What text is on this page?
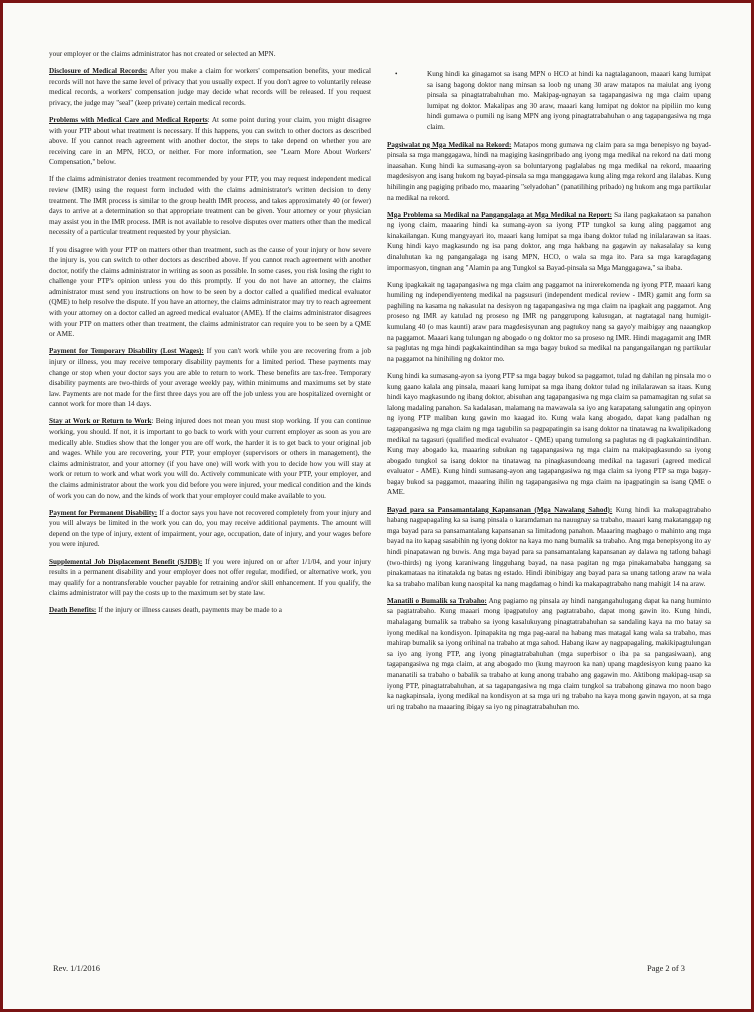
your employer or the claims administrator has not created or selected an MPN.

Disclosure of Medical Records: After you make a claim for workers' compensation benefits, your medical records will not have the same level of privacy that you usually expect. If you don't agree to voluntarily release medical records, a workers' compensation judge may decide what records will be released. If you request privacy, the judge may "seal" (keep private) certain medical records.

Problems with Medical Care and Medical Reports: At some point during your claim, you might disagree with your PTP about what treatment is necessary. If this happens, you can switch to other doctors as described above. If you cannot reach agreement with another doctor, the steps to take depend on whether you are receiving care in an MPN, HCO, or neither. For more information, see "Learn More About Workers' Compensation," below.

If the claims administrator denies treatment recommended by your PTP, you may request independent medical review (IMR) using the request form included with the claims administrator's written decision to deny treatment. The IMR process is similar to the group health IMR process, and takes approximately 40 (or fewer) days to arrive at a determination so that appropriate treatment can be given. Your attorney or your physician may assist you in the IMR process. IMR is not available to resolve disputes over matters other than the medical necessity of a particular treatment requested by your physician.

If you disagree with your PTP on matters other than treatment, such as the cause of your injury or how severe the injury is, you can switch to other doctors as described above. If you cannot reach agreement with another doctor, notify the claims administrator in writing as soon as possible. In some cases, you risk losing the right to challenge your PTP's opinion unless you do this promptly. If you do not have an attorney, the claims administrator must send you instructions on how to be seen by a doctor called a qualified medical evaluator (QME) to help resolve the dispute. If you have an attorney, the claims administrator may try to reach agreement with your attorney on a doctor called an agreed medical evaluator (AME). If the claims administrator disagrees with your PTP on matters other than treatment, the claims administrator can require you to be seen by a QME or AME.

Payment for Temporary Disability (Lost Wages): If you can't work while you are recovering from a job injury or illness, you may receive temporary disability payments for a limited period. These payments may change or stop when your doctor says you are able to return to work. These benefits are tax-free. Temporary disability payments are two-thirds of your average weekly pay, within minimums and maximums set by state law. Payments are not made for the first three days you are off the job unless you are hospitalized overnight or cannot work for more than 14 days.

Stay at Work or Return to Work: Being injured does not mean you must stop working. If you can continue working, you should. If not, it is important to go back to work with your current employer as soon as you are medically able. Studies show that the longer you are off work, the harder it is to get back to your original job and wages. While you are recovering, your PTP, your employer (supervisors or others in management), the claims administrator, and your attorney (if you have one) will work with you to decide how you will stay at work or return to work and what work you will do. Actively communicate with your PTP, your employer, and the claims administrator about the work you did before you were injured, your medical condition and the kinds of work you can do now, and the kinds of work that your employer could make available to you.

Payment for Permanent Disability: If a doctor says you have not recovered completely from your injury and you will always be limited in the work you can do, you may receive additional payments. The amount will depend on the type of injury, extent of impairment, your age, occupation, date of injury, and your wages before you were injured.

Supplemental Job Displacement Benefit (SJDB): If you were injured on or after 1/1/04, and your injury results in a permanent disability and your employer does not offer regular, modified, or alternative work, you may qualify for a nontransferable voucher payable for retraining and/or skill enhancement. If you qualify, the claims administrator will pay the costs up to the maximum set by state law.

Death Benefits: If the injury or illness causes death, payments may be made to a

•	Kung hindi ka ginagamot sa isang MPN o HCO at hindi ka nagtalaganoon, maaari kang lumipat sa isang bagong doktor nang minsan sa loob ng unang 30 araw matapos na maiulat ang iyong pinsala sa pinagtatrabahuhan mo. Makipag-ugnayan sa tagapangasiwa ng mga claim upang lumipat ng doktor. Makalipas ang 30 araw, maaari kang lumipat ng doktor na pipiliin mo kung hindi gumawa o pumili ng isang MPN ang iyong pinagtatrabahuhan o ang tagapangasiwa ng mga claim.

Pagsiwalat ng Mga Medikal na Rekord: Matapos mong gumawa ng claim para sa mga benepisyo ng bayad-pinsala sa mga manggagawa, hindi na magiging kasingpribado ang iyong mga medikal na rekord na dati mong inaasahan. Kung hindi ka sumasang-ayon sa boluntaryong paglalabas ng mga medikal na rekord, maaaring magdesisyon ang isang hukom ng bayad-pinsala sa mga manggagawa kung aling mga rekord ang ilalabas. Kung hihilingin ang pagiging pribado mo, maaaring "selyadohan" (panatilihing pribado) ng hukom ang mga partikular na medikal na rekord.

Mga Problema sa Medikal na Pangangalaga at Mga Medikal na Report: Sa ilang pagkakataon sa panahon ng iyong claim, maaaring hindi ka sumang-ayon sa iyong PTP tungkol sa kung aling paggamot ang kinakailangan. Kung mangyayari ito, maaari kang lumipat sa mga ibang doktor tulad ng inilalarawan sa itaas. Kung hindi kayo magkasundo ng isa pang doktor, ang mga hakbang na gagawin ay nakasalalay sa kung dinaluhutan ka ng pangangalaga ng isang MPN, HCO, o wala sa mga ito. Para sa mga karagdagang impormasyon, tingnan ang "Alamin pa ang Tungkol sa Bayad-pinsala sa Mga Manggagawa," sa ibaba.

Kung ipagkakait ng tagapangasiwa ng mga claim ang paggamot na inirerekomenda ng iyong PTP, maaari kang humiling ng independiyenteng medikal na pagsusuri (independent medical review - IMR) gamit ang form sa paghiling na kasama ng nakasulat na desisyon ng tagapangasiwa ng mga claim na ipagkait ang paggamot. Ang proseso ng IMR ay katulad ng proseso ng IMR ng panggrupong kalusugan, at nagtatagal nang humigit-kumulang 40 (o mas kaunti) araw para magdesisyunan ang pagtukoy nang sa gayo'y maibigay ang naaangkop na paggamot. Maaari kang tulungan ng abogado o ng doktor mo sa proseso ng IMR. Hindi magagamit ang IMR sa paglutas ng mga hindi pagkakaintindihan sa mga bagay bukod sa medikal na pangangailangan ng partikular na paggamot na hinihiling ng doktor mo.

Kung hindi ka sumasang-ayon sa iyong PTP sa mga bagay bukod sa paggamot, tulad ng dahilan ng pinsala mo o kung gaano kalala ang pinsala, maaari kang lumipat sa mga ibang doktor tulad ng inilalarawan sa itaas. Kung hindi kayo magkasundo ng ibang doktor, abisuhan ang tagapangasiwa ng mga claim sa pamamagitan ng sulat sa lalong madaling panahon. Sa kadalasan, malamang na mawawala sa iyo ang karapatang salungatin ang opinyon ng iyong PTP maliban kung gawin mo kaagad ito. Kung wala kang abogado, dapat kang padalhan ng tagapangasiwa ng mga claim ng mga tagubilin sa pagpapatingin sa isang doktor na tinatawag na kwalipikadong medikal na tagasuri (qualified medical evaluator - QME) upang tumulong sa paglutas ng di pagkakaintindihan. Kung may abogado ka, maaaring subukan ng tagapangasiwa ng mga claim na makipagkasundo sa iyong abogado tungkol sa isang doktor na tinatawag na pinagkasundoang medikal na tagasuri (agreed medical evaluator - AME). Kung hindi sumasang-ayon ang tagapangasiwa ng mga claim sa iyong PTP sa mga bagay-bagay bukod sa paggamot, maaaring ihilin ng tagapangasiwa ng mga claim na ipagpatingin sa isang QME o AME.

Bayad para sa Pansamantalang Kapansanan (Mga Nawalang Sahod): Kung hindi ka makapagtrabaho habang nagpapagaling ka sa isang pinsala o karamdaman na nauugnay sa trabaho, maaari kang makatanggap ng mga bayad para sa pansamantalang kapansanan sa limitadong panahon. Maaaring magbago o mahinto ang mga bayad na ito kapag sasabihin ng iyong doktor na kaya mo nang bumalik sa trabaho. Ang mga benepisyong ito ay hindi pinapatawan ng buwis. Ang mga bayad para sa pansamantalang kapansanan ay dalawa ng tatlong bahagi (two-thirds) ng iyong karaniwang lingguhang bayad, na nasa pagitan ng mga pinakamababa hanggang sa pinakamataas na itinatakda ng batas ng estado. Hindi ibinibigay ang bayad para sa unang tatlong araw na wala ka sa trabaho maliban kung naospital ka nang magdamag o hindi ka makapagtrabaho nang mahigit 14 na araw.

Manatili o Bumalik sa Trabaho: Ang pagiamo ng pinsala ay hindi nangangahulugang dapat ka nang huminto sa pagtatrabaho. Kung maaari mong ipagpatuloy ang pagtatrabaho, dapat mong gawin ito. Kung hindi, mahalagang bumalik sa trabaho sa iyong kasalukuyang pinagtatrabahuhan sa sandaling kaya na mo batay sa iyong medikal na kondisyon. Ipinapakita ng mga pag-aaral na habang mas matagal kang wala sa trabaho, mas mahirap bumalik sa iyong orihinal na trabaho at mga sahod. Habang ikaw ay nagpapagaling, makikipagtulungan sa iyo ang iyong PTP, ang iyong pinagtatrabahuhan (mga superbisor o iba pa sa pangasiwaan), ang tagapangasiwa ng mga claim, at ang abogado mo (kung mayroon ka nan) upang magdesisyon kung paano ka mananatili sa trabaho o babalik sa trabaho at kung anong trabaho ang gagawin mo. Aktibong makipag-usap sa iyong PTP, pinagtatrabahuhan, at sa tagapangasiwa ng mga claim tungkol sa trabahong ginawa mo noon bago ka nagkapinsala, iyong medikal na kondisyon at sa mga uri ng trabaho na kaya mong gawin ngayon, at sa mga uri ng trabaho na maaaring ibigay sa iyo ng pinagtatrabahuhan mo.

Rev. 1/1/2016	Page 2 of 3
